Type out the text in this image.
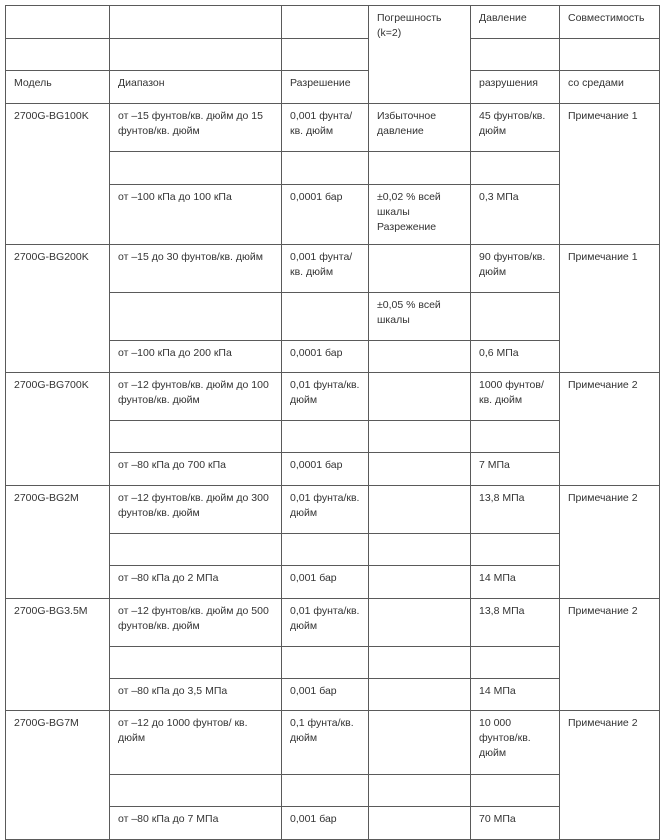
			Погрешность (k=2)	Давление	Совместимость

Модель	Диапазон	Разрешение		разрушения	со средами
2700G-BG100K	от –15 фунтов/кв. дюйм до 15 фунтов/кв. дюйм	0,001 фунта/ кв. дюйм	Избыточное давление	45 фунтов/кв. дюйм	Примечание 1

	от –100 кПа до 100 кПа	0,0001 бар	±0,02 % всей шкалы Разрежение	0,3 МПа	
2700G-BG200K	от –15 до 30 фунтов/кв. дюйм	0,001 фунта/ кв. дюйм		90 фунтов/кв. дюйм	Примечание 1
			±0,05 % всей шкалы		
	от –100 кПа до 200 кПа	0,0001 бар		0,6 МПа	
2700G-BG700K	от –12 фунтов/кв. дюйм до 100 фунтов/кв. дюйм	0,01 фунта/кв. дюйм		1000 фунтов/ кв. дюйм	Примечание 2

	от –80 кПа до 700 кПа	0,0001 бар		7 МПа	
2700G-BG2M	от –12 фунтов/кв. дюйм до 300 фунтов/кв. дюйм	0,01 фунта/кв. дюйм		13,8 МПа	Примечание 2

	от –80 кПа до 2 МПа	0,001 бар		14 МПа	
2700G-BG3.5M	от –12 фунтов/кв. дюйм до 500 фунтов/кв. дюйм	0,01 фунта/кв. дюйм		13,8 МПа	Примечание 2

	от –80 кПа до 3,5 МПа	0,001 бар		14 МПа	
2700G-BG7M	от –12 до 1000 фунтов/ кв. дюйм	0,1 фунта/кв. дюйм		10 000 фунтов/кв. дюйм	Примечание 2

	от –80 кПа до 7 МПа	0,001 бар		70 МПа	
